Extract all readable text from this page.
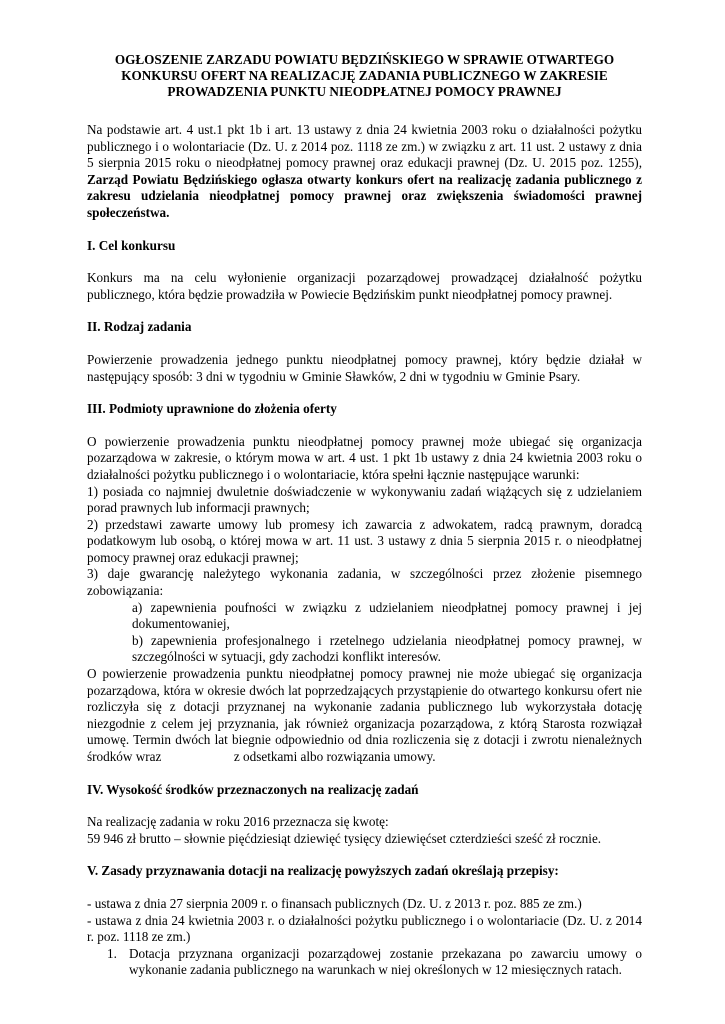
OGŁOSZENIE ZARZADU POWIATU BĘDZIŃSKIEGO W SPRAWIE OTWARTEGO
KONKURSU OFERT NA REALIZACJĘ ZADANIA PUBLICZNEGO W ZAKRESIE
PROWADZENIA PUNKTU NIEODPŁATNEJ POMOCY PRAWNEJ

Na podstawie art. 4 ust.1 pkt 1b i art. 13 ustawy z dnia 24 kwietnia 2003 roku o działalności pożytku publicznego i o wolontariacie (Dz. U. z 2014 poz. 1118 ze zm.) w związku z art. 11 ust. 2 ustawy z dnia 5 sierpnia 2015 roku o nieodpłatnej pomocy prawnej oraz edukacji prawnej (Dz. U. 2015 poz. 1255), Zarząd Powiatu Będzińskiego ogłasza otwarty konkurs ofert na realizację zadania publicznego z zakresu udzielania nieodpłatnej pomocy prawnej oraz zwiększenia świadomości prawnej społeczeństwa.

I. Cel konkursu

Konkurs ma na celu wyłonienie organizacji pozarządowej prowadzącej działalność pożytku publicznego, która będzie prowadziła w Powiecie Będzińskim punkt nieodpłatnej pomocy prawnej.

II. Rodzaj zadania

Powierzenie prowadzenia jednego punktu nieodpłatnej pomocy prawnej, który będzie działał w następujący sposób: 3 dni w tygodniu w Gminie Sławków, 2 dni w tygodniu w Gminie Psary.

III. Podmioty uprawnione do złożenia oferty

O powierzenie prowadzenia punktu nieodpłatnej pomocy prawnej może ubiegać się organizacja pozarządowa w zakresie, o którym mowa w art. 4 ust. 1 pkt 1b ustawy z dnia 24 kwietnia 2003 roku o działalności pożytku publicznego i o wolontariacie, która spełni łącznie następujące warunki:

1) posiada co najmniej dwuletnie doświadczenie w wykonywaniu zadań wiążących się z udzielaniem porad prawnych lub informacji prawnych;

2) przedstawi zawarte umowy lub promesy ich zawarcia z adwokatem, radcą prawnym, doradcą podatkowym lub osobą, o której mowa w art. 11 ust. 3 ustawy z dnia 5 sierpnia 2015 r. o nieodpłatnej pomocy prawnej oraz edukacji prawnej;

3) daje gwarancję należytego wykonania zadania, w szczególności przez złożenie pisemnego zobowiązania:

a) zapewnienia poufności w związku z udzielaniem nieodpłatnej pomocy prawnej i jej dokumentowaniej,

b) zapewnienia profesjonalnego i rzetelnego udzielania nieodpłatnej pomocy prawnej, w szczególności w sytuacji, gdy zachodzi konflikt interesów.

O powierzenie prowadzenia punktu nieodpłatnej pomocy prawnej nie może ubiegać się organizacja pozarządowa, która w okresie dwóch lat poprzedzających przystąpienie do otwartego konkursu ofert nie rozliczyła się z dotacji przyznanej na wykonanie zadania publicznego lub wykorzystała dotację niezgodnie z celem jej przyznania, jak również organizacja pozarządowa, z którą Starosta rozwiązał umowę. Termin dwóch lat biegnie odpowiednio od dnia rozliczenia się z dotacji i zwrotu nienależnych środków wraz                      z odsetkami albo rozwiązania umowy.

IV. Wysokość środków przeznaczonych na realizację zadań

Na realizację zadania w roku 2016 przeznacza się kwotę:

59 946 zł brutto – słownie pięćdziesiąt dziewięć tysięcy dziewięćset czterdzieści sześć zł rocznie.

V. Zasady przyznawania dotacji na realizację powyższych zadań określają przepisy:

- ustawa z dnia 27 sierpnia 2009 r. o finansach publicznych (Dz. U. z 2013 r. poz. 885 ze zm.)

- ustawa z dnia 24 kwietnia 2003 r. o działalności pożytku publicznego i o wolontariacie (Dz. U. z 2014 r. poz. 1118 ze zm.)

1. Dotacja przyznana organizacji pozarządowej zostanie przekazana po zawarciu umowy o wykonanie zadania publicznego na warunkach w niej określonych w 12 miesięcznych ratach.
